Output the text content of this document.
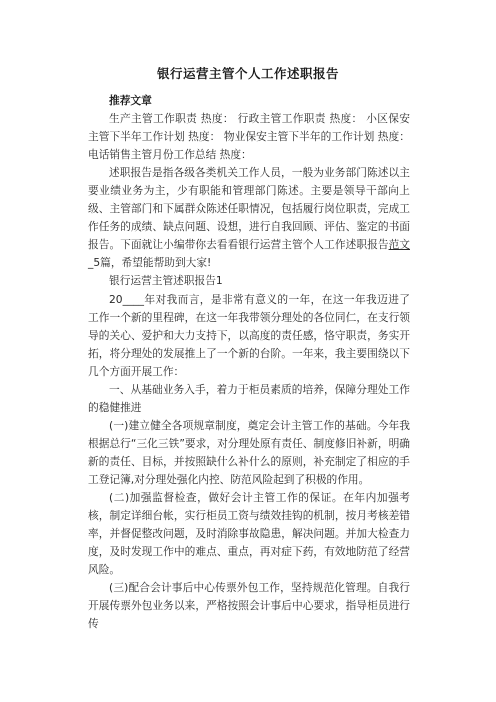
银行运营主管个人工作述职报告

推荐文章

生产主管工作职责 热度： 行政主管工作职责 热度： 小区保安主管下半年工作计划 热度： 物业保安主管下半年的工作计划 热度： 电话销售主管月份工作总结 热度：

述职报告是指各级各类机关工作人员，一般为业务部门陈述以主要业绩业务为主，少有职能和管理部门陈述。主要是领导干部向上级、主管部门和下属群众陈述任职情况，包括履行岗位职责，完成工作任务的成绩、缺点问题、设想，进行自我回顾、评估、鉴定的书面报告。下面就让小编带你去看看银行运营主管个人工作述职报告范文_5篇，希望能帮助到大家!

银行运营主管述职报告1

20____年对我而言，是非常有意义的一年，在这一年我迈进了工作一个新的里程碑，在这一年我带领分理处的各位同仁，在支行领导的关心、爱护和大力支持下，以高度的责任感，恪守职责，务实开拓，将分理处的发展推上了一个新的台阶。一年来，我主要围绕以下几个方面开展工作：

一、从基础业务入手，着力于柜员素质的培养，保障分理处工作的稳健推进

(一)建立健全各项规章制度，奠定会计主管工作的基础。今年我根据总行“三化三铁”要求，对分理处原有责任、制度修旧补新，明确新的责任、目标，并按照缺什么补什么的原则，补充制定了相应的手工登记簿,对分理处强化内控、防范风险起到了积极的作用。

(二)加强监督检查，做好会计主管工作的保证。在年内加强考核，制定详细台帐，实行柜员工资与绩效挂钩的机制，按月考核差错率，并督促整改问题，及时消除事故隐患，解决问题。并加大检查力度，及时发现工作中的难点、重点，再对症下药，有效地防范了经营风险。

(三)配合会计事后中心传票外包工作，坚持规范化管理。自我行开展传票外包业务以来，严格按照会计事后中心要求，指导柜员进行传
